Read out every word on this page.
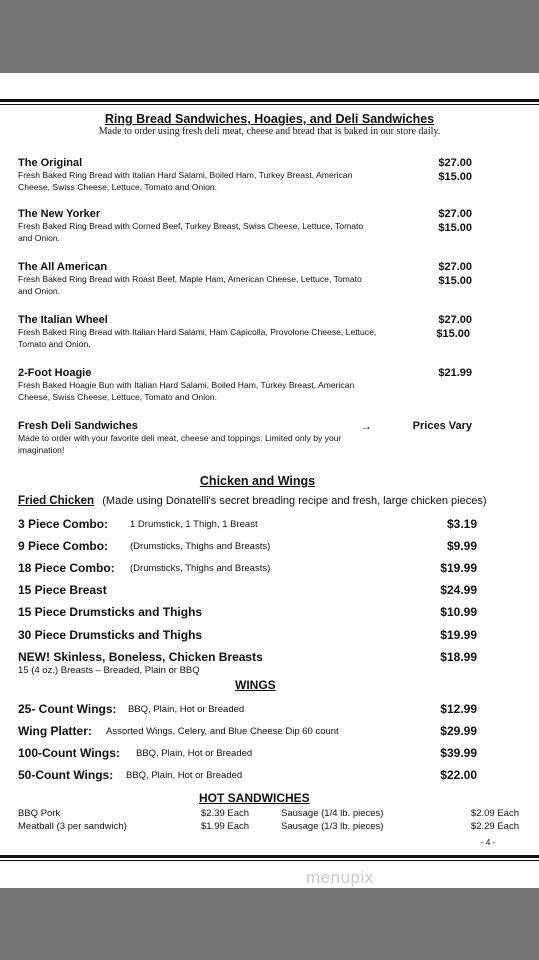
Ring Bread Sandwiches, Hoagies, and Deli Sandwiches
Made to order using fresh deli meat, cheese and bread that is baked in our store daily.
The Original
Fresh Baked Ring Bread with Italian Hard Salami, Boiled Ham, Turkey Breast, American Cheese, Swiss Cheese, Lettuce, Tomato and Onion.
$27.00
$15.00
The New Yorker
Fresh Baked Ring Bread with Corned Beef, Turkey Breast, Swiss Cheese, Lettuce, Tomato and Onion.
$27.00
$15.00
The All American
Fresh Baked Ring Bread with Roast Beef, Maple Ham, American Cheese, Lettuce, Tomato and Onion.
$27.00
$15.00
The Italian Wheel
Fresh Baked Ring Bread with Italian Hard Salami, Ham Capicolla, Provolone Cheese, Lettuce, Tomato and Onion.
$27.00
$15.00
2-Foot Hoagie
Fresh Baked Hoagie Bun with Italian Hard Salami, Boiled Ham, Turkey Breast, American Cheese, Swiss Cheese, Lettuce, Tomato and Onion.
$21.99
Fresh Deli Sandwiches	→	Prices Vary
Made to order with your favorite deli meat, cheese and toppings. Limited only by your imagination!
Chicken and Wings
Fried Chicken (Made using Donatelli's secret breading recipe and fresh, large chicken pieces)
3 Piece Combo: 1 Drumstick, 1 Thigh, 1 Breast	$3.19
9 Piece Combo: (Drumsticks, Thighs and Breasts)	$9.99
18 Piece Combo: (Drumsticks, Thighs and Breasts)	$19.99
15 Piece Breast	$24.99
15 Piece Drumsticks and Thighs	$10.99
30 Piece Drumsticks and Thighs	$19.99
NEW! Skinless, Boneless, Chicken Breasts	$18.99
15 (4 oz.) Breasts – Breaded, Plain or BBQ
WINGS
25- Count Wings: BBQ, Plain, Hot or Breaded	$12.99
Wing Platter: Assorted Wings, Celery, and Blue Cheese Dip 60 count	$29.99
100-Count Wings: BBQ, Plain, Hot or Breaded	$39.99
50-Count Wings: BBQ, Plain, Hot or Breaded	$22.00
HOT SANDWICHES
BBQ Pork	$2.39 Each	Sausage (1/4 lb. pieces)	$2.09 Each
Meatball (3 per sandwich)	$1.99 Each	Sausage (1/3 lb. pieces)	$2.29 Each
- 4 -
menupix
